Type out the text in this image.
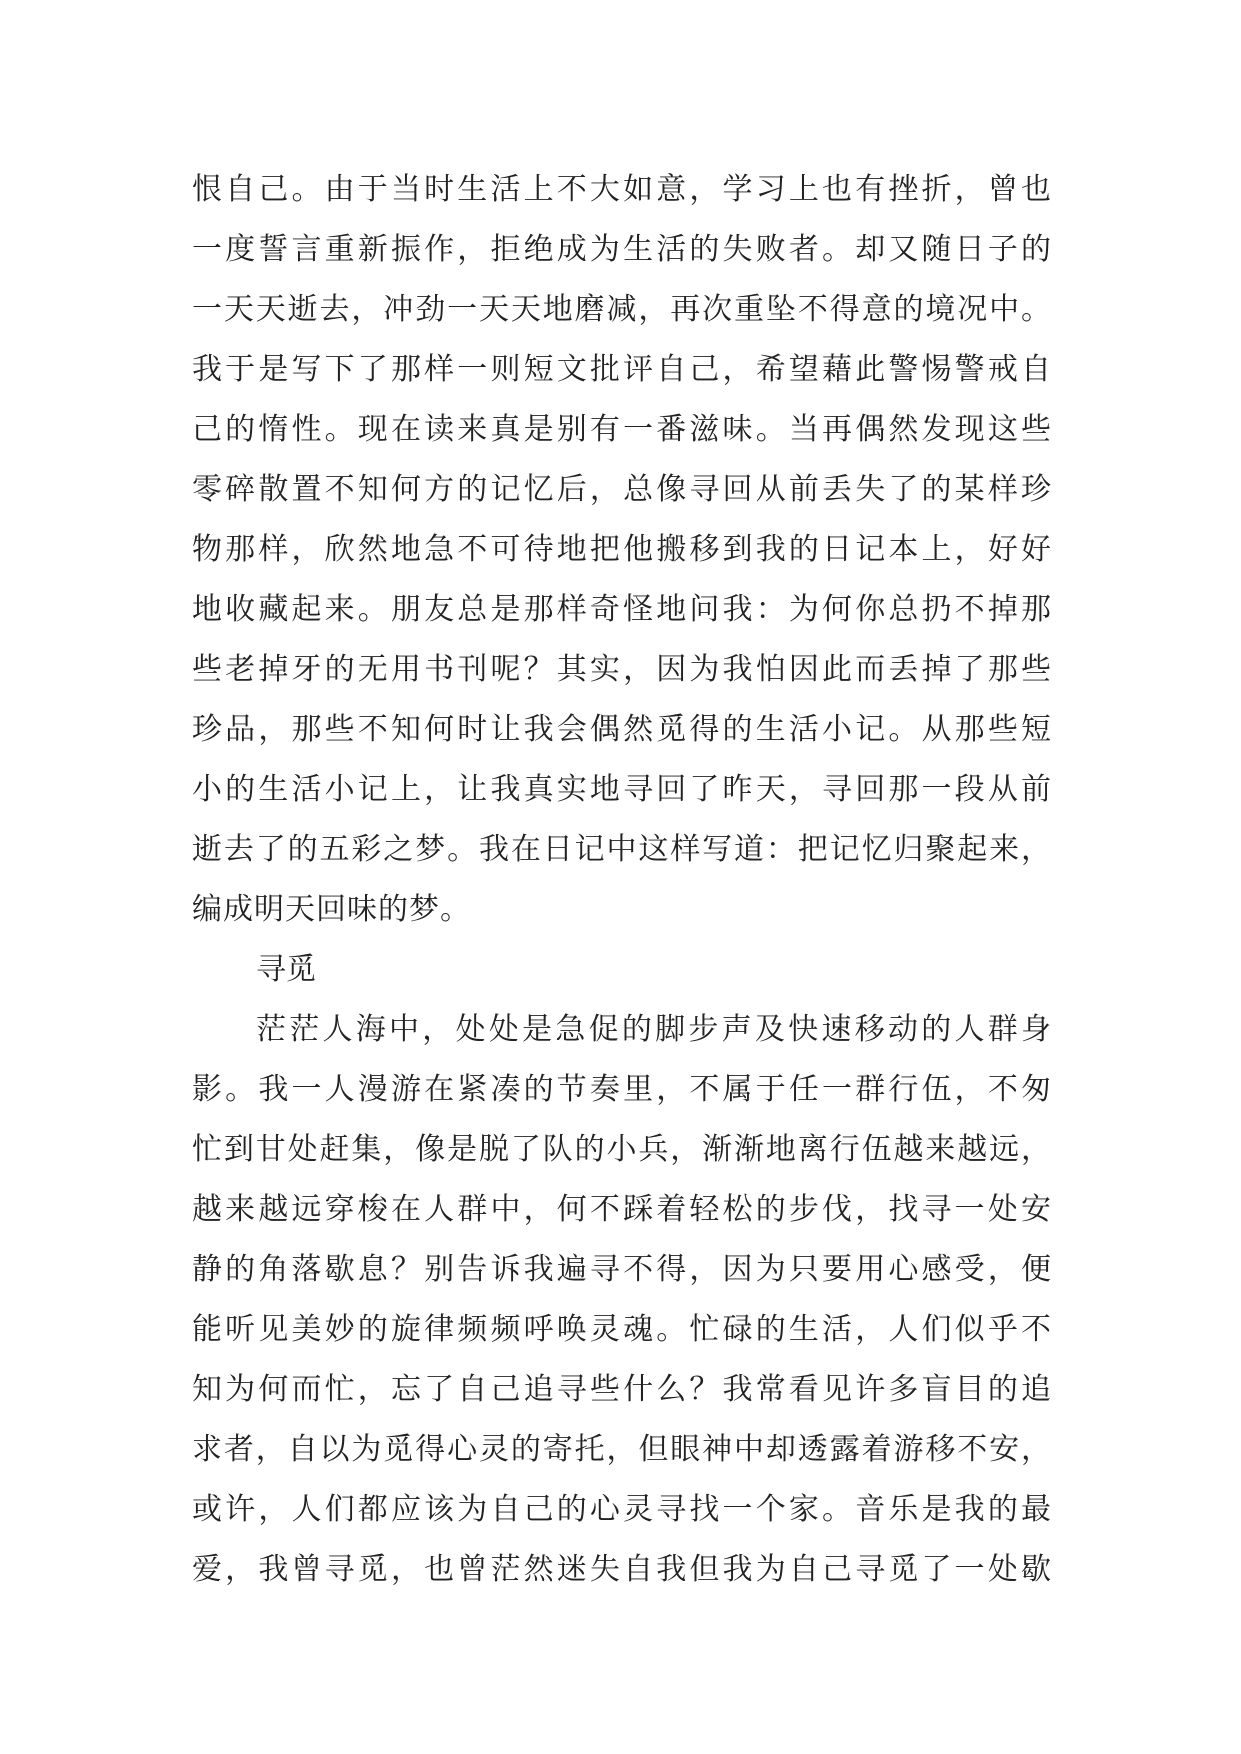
恨自己。由于当时生活上不大如意，学习上也有挫折，曾也
一度誓言重新振作，拒绝成为生活的失败者。却又随日子的
一天天逝去，冲劲一天天地磨减，再次重坠不得意的境况中。
我于是写下了那样一则短文批评自己，希望藉此警惕警戒自
己的惰性。现在读来真是别有一番滋味。当再偶然发现这些
零碎散置不知何方的记忆后，总像寻回从前丢失了的某样珍
物那样，欣然地急不可待地把他搬移到我的日记本上，好好
地收藏起来。朋友总是那样奇怪地问我：为何你总扔不掉那
些老掉牙的无用书刊呢？其实，因为我怕因此而丢掉了那些
珍品，那些不知何时让我会偶然觅得的生活小记。从那些短
小的生活小记上，让我真实地寻回了昨天，寻回那一段从前
逝去了的五彩之梦。我在日记中这样写道：把记忆归聚起来，
编成明天回味的梦。
寻觅
茫茫人海中，处处是急促的脚步声及快速移动的人群身
影。我一人漫游在紧凑的节奏里，不属于任一群行伍，不匆
忙到甘处赶集，像是脱了队的小兵，渐渐地离行伍越来越远，
越来越远穿梭在人群中，何不踩着轻松的步伐，找寻一处安
静的角落歇息？别告诉我遍寻不得，因为只要用心感受，便
能听见美妙的旋律频频呼唤灵魂。忙碌的生活，人们似乎不
知为何而忙，忘了自己追寻些什么？我常看见许多盲目的追
求者，自以为觅得心灵的寄托，但眼神中却透露着游移不安，
或许，人们都应该为自己的心灵寻找一个家。音乐是我的最
爱，我曾寻觅，也曾茫然迷失自我但我为自己寻觅了一处歇
